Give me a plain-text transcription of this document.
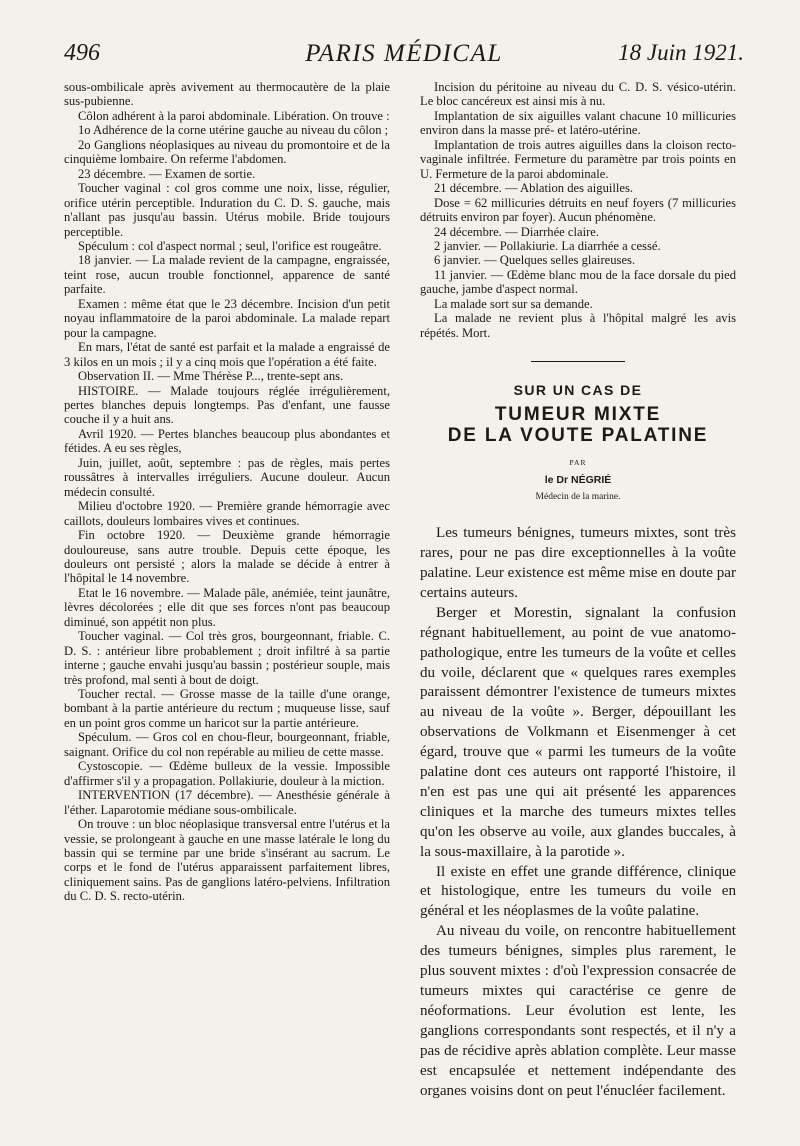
496	PARIS MÉDICAL	18 Juin 1921.

sous-ombilicale après avivement au thermocautère de la plaie sus-pubienne.

Côlon adhérent à la paroi abdominale. Libération. On trouve :

1o Adhérence de la corne utérine gauche au niveau du côlon ;

2o Ganglions néoplasiques au niveau du promontoire et de la cinquième lombaire. On referme l'abdomen.

23 décembre. — Examen de sortie.

Toucher vaginal : col gros comme une noix, lisse, régulier, orifice utérin perceptible. Induration du C. D. S. gauche, mais n'allant pas jusqu'au bassin. Utérus mobile. Bride toujours perceptible.

Spéculum : col d'aspect normal ; seul, l'orifice est rougeâtre.

18 janvier. — La malade revient de la campagne, engraissée, teint rose, aucun trouble fonctionnel, apparence de santé parfaite.

Examen : même état que le 23 décembre. Incision d'un petit noyau inflammatoire de la paroi abdominale. La malade repart pour la campagne.

En mars, l'état de santé est parfait et la malade a engraissé de 3 kilos en un mois ; il y a cinq mois que l'opération a été faite.

Observation II. — Mme Thérèse P..., trente-sept ans.

HISTOIRE. — Malade toujours réglée irrégulièrement, pertes blanches depuis longtemps. Pas d'enfant, une fausse couche il y a huit ans.

Avril 1920. — Pertes blanches beaucoup plus abondantes et fétides. A eu ses règles,

Juin, juillet, août, septembre : pas de règles, mais pertes roussâtres à intervalles irréguliers. Aucune douleur. Aucun médecin consulté.

Milieu d'octobre 1920. — Première grande hémorragie avec caillots, douleurs lombaires vives et continues.

Fin octobre 1920. — Deuxième grande hémorragie douloureuse, sans autre trouble. Depuis cette époque, les douleurs ont persisté ; alors la malade se décide à entrer à l'hôpital le 14 novembre.

Etat le 16 novembre. — Malade pâle, anémiée, teint jaunâtre, lèvres décolorées ; elle dit que ses forces n'ont pas beaucoup diminué, son appétit non plus.

Toucher vaginal. — Col très gros, bourgeonnant, friable. C. D. S. : antérieur libre probablement ; droit infiltré à sa partie interne ; gauche envahi jusqu'au bassin ; postérieur souple, mais très profond, mal senti à bout de doigt.

Toucher rectal. — Grosse masse de la taille d'une orange, bombant à la partie antérieure du rectum ; muqueuse lisse, sauf en un point gros comme un haricot sur la partie antérieure.

Spéculum. — Gros col en chou-fleur, bourgeonnant, friable, saignant. Orifice du col non repérable au milieu de cette masse.

Cystoscopie. — Œdème bulleux de la vessie. Impossible d'affirmer s'il y a propagation. Pollakiurie, douleur à la miction.

INTERVENTION (17 décembre). — Anesthésie générale à l'éther. Laparotomie médiane sous-ombilicale.

On trouve : un bloc néoplasique transversal entre l'utérus et la vessie, se prolongeant à gauche en une masse latérale le long du bassin qui se termine par une bride s'insérant au sacrum. Le corps et le fond de l'utérus apparaissent parfaitement libres, cliniquement sains. Pas de ganglions latéro-pelviens. Infiltration du C. D. S. recto-utérin.

Incision du péritoine au niveau du C. D. S. vésico-utérin. Le bloc cancéreux est ainsi mis à nu.

Implantation de six aiguilles valant chacune 10 millicuries environ dans la masse pré- et latéro-utérine.

Implantation de trois autres aiguilles dans la cloison recto-vaginale infiltrée. Fermeture du paramètre par trois points en U. Fermeture de la paroi abdominale.

21 décembre. — Ablation des aiguilles.

Dose = 62 millicuries détruits en neuf foyers (7 millicuries détruits environ par foyer). Aucun phénomène.

24 décembre. — Diarrhée claire.

2 janvier. — Pollakiurie. La diarrhée a cessé.

6 janvier. — Quelques selles glaireuses.

11 janvier. — Œdème blanc mou de la face dorsale du pied gauche, jambe d'aspect normal.

La malade sort sur sa demande.

La malade ne revient plus à l'hôpital malgré les avis répétés. Mort.

SUR UN CAS DE

TUMEUR MIXTE

DE LA VOUTE PALATINE

PAR

le Dr NÉGRIÉ

Médecin de la marine.

Les tumeurs bénignes, tumeurs mixtes, sont très rares, pour ne pas dire exceptionnelles à la voûte palatine. Leur existence est même mise en doute par certains auteurs.

Berger et Morestin, signalant la confusion régnant habituellement, au point de vue anatomo-pathologique, entre les tumeurs de la voûte et celles du voile, déclarent que « quelques rares exemples paraissent démontrer l'existence de tumeurs mixtes au niveau de la voûte ». Berger, dépouillant les observations de Volkmann et Eisenmenger à cet égard, trouve que « parmi les tumeurs de la voûte palatine dont ces auteurs ont rapporté l'histoire, il n'en est pas une qui ait présenté les apparences cliniques et la marche des tumeurs mixtes telles qu'on les observe au voile, aux glandes buccales, à la sous-maxillaire, à la parotide ».

Il existe en effet une grande différence, clinique et histologique, entre les tumeurs du voile en général et les néoplasmes de la voûte palatine.

Au niveau du voile, on rencontre habituellement des tumeurs bénignes, simples plus rarement, le plus souvent mixtes : d'où l'expression consacrée de tumeurs mixtes qui caractérise ce genre de néoformations. Leur évolution est lente, les ganglions correspondants sont respectés, et il n'y a pas de récidive après ablation complète. Leur masse est encapsulée et nettement indépendante des organes voisins dont on peut l'énucléer facilement.
